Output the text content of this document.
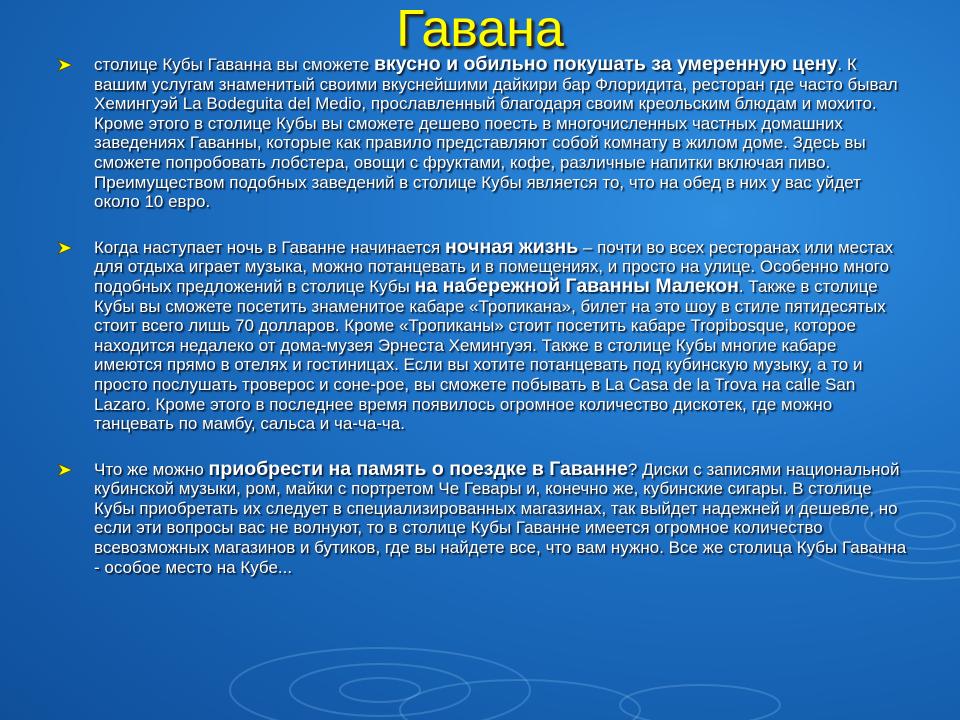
Гавана

столице Кубы Гаванна вы сможете вкусно и обильно покушать за умеренную цену. К вашим услугам знаменитый своими вкуснейшими дайкири бар Флоридита, ресторан где часто бывал Хемингуэй La Bodeguita del Medio, прославленный благодаря своим креольским блюдам и мохито. Кроме этого в столице Кубы вы сможете дешево поесть в многочисленных частных домашних заведениях Гаванны, которые как правило представляют собой комнату в жилом доме. Здесь вы сможете попробовать лобстера, овощи с фруктами, кофе, различные напитки включая пиво. Преимуществом подобных заведений в столице Кубы является то, что на обед в них у вас уйдет около 10 евро.

Когда наступает ночь в Гаванне начинается ночная жизнь – почти во всех ресторанах или местах для отдыха играет музыка, можно потанцевать и в помещениях, и просто на улице. Особенно много подобных предложений в столице Кубы на набережной Гаванны Малекон. Также в столице Кубы вы сможете посетить знаменитое кабаре «Тропикана», билет на это шоу в стиле пятидесятых стоит всего лишь 70 долларов. Кроме «Тропиканы» стоит посетить кабаре Tropibosque, которое находится недалеко от дома-музея Эрнеста Хемингуэя. Также в столице Кубы многие кабаре имеются прямо в отелях и гостиницах. Если вы хотите потанцевать под кубинскую музыку, а то и просто послушать троверос и соне-рое, вы сможете побывать в La Casa de la Trova на calle San Lazaro. Кроме этого в последнее время появилось огромное количество дискотек, где можно танцевать по мамбу, сальса и ча-ча-ча.

Что же можно приобрести на память о поездке в Гаванне? Диски с записями национальной кубинской музыки, ром, майки с портретом Че Гевары и, конечно же, кубинские сигары. В столице Кубы приобретать их следует в специализированных магазинах, так выйдет надежней и дешевле, но если эти вопросы вас не волнуют, то в столице Кубы Гаванне имеется огромное количество всевозможных магазинов и бутиков, где вы найдете все, что вам нужно. Все же столица Кубы Гаванна - особое место на Кубе...
